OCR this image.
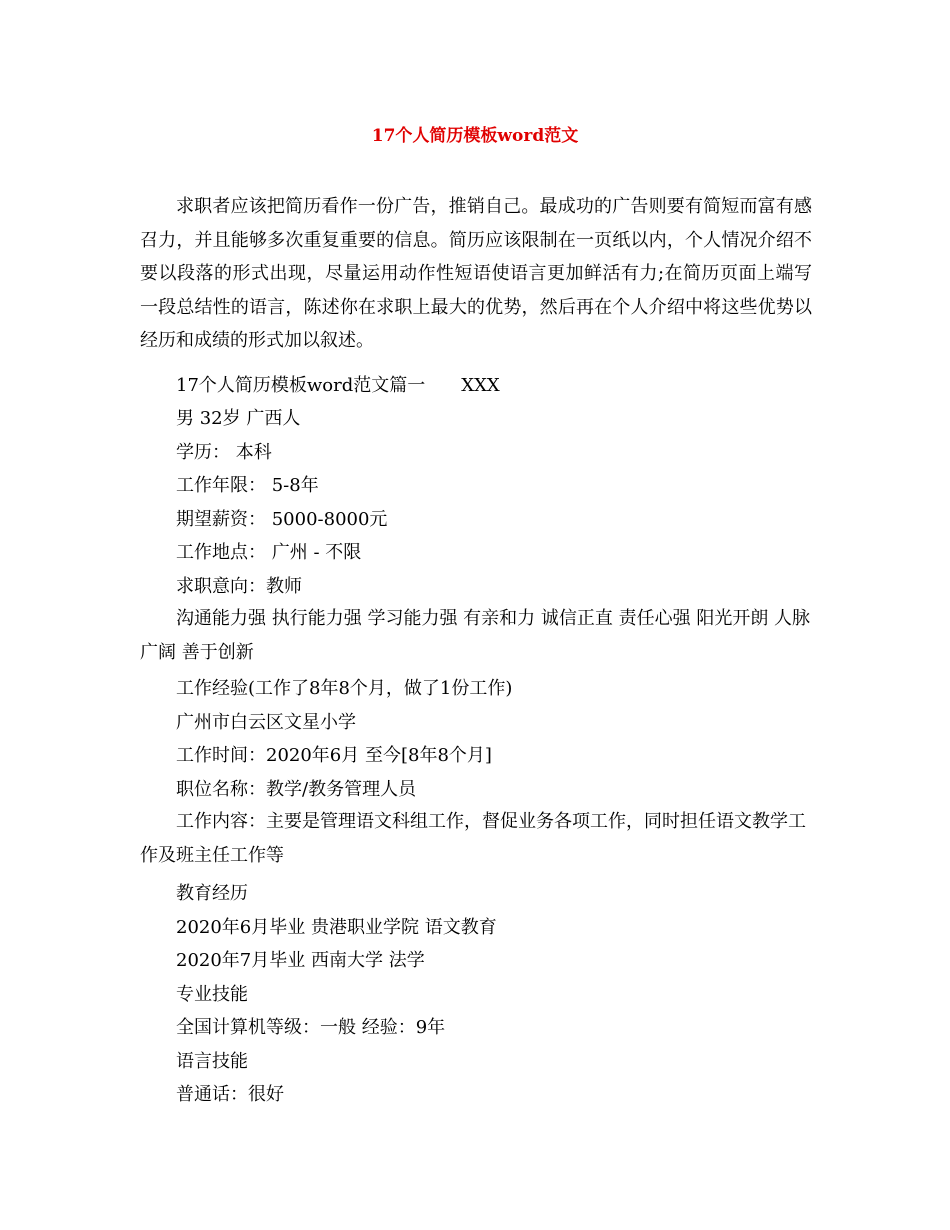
17个人简历模板word范文

求职者应该把简历看作一份广告，推销自己。最成功的广告则要有简短而富有感召力，并且能够多次重复重要的信息。简历应该限制在一页纸以内，个人情况介绍不要以段落的形式出现，尽量运用动作性短语使语言更加鲜活有力;在简历页面上端写一段总结性的语言，陈述你在求职上最大的优势，然后再在个人介绍中将这些优势以经历和成绩的形式加以叙述。

17个人简历模板word范文篇一 XXX

男 32岁 广西人

学历： 本科

工作年限： 5-8年

期望薪资： 5000-8000元

工作地点： 广州 - 不限

求职意向：教师

沟通能力强 执行能力强 学习能力强 有亲和力 诚信正直 责任心强 阳光开朗 人脉广阔 善于创新

工作经验(工作了8年8个月，做了1份工作)

广州市白云区文星小学

工作时间：2020年6月 至今[8年8个月]

职位名称：教学/教务管理人员

工作内容：主要是管理语文科组工作，督促业务各项工作，同时担任语文教学工作及班主任工作等

教育经历

2020年6月毕业 贵港职业学院 语文教育

2020年7月毕业 西南大学 法学

专业技能

全国计算机等级：一般 经验：9年

语言技能

普通话：很好
